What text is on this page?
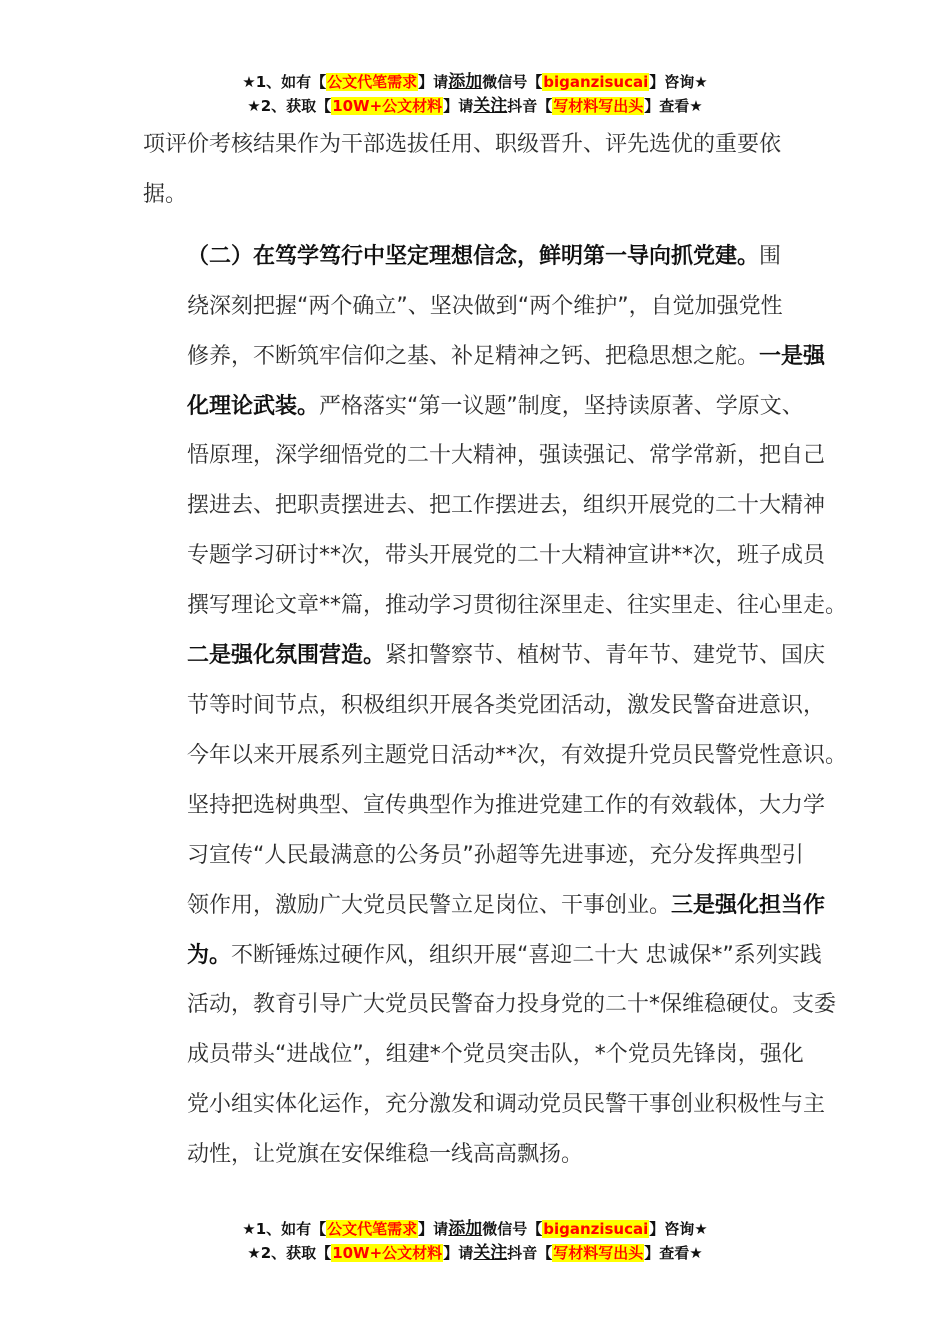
★1、如有【公文代笔需求】请添加微信号【biganzisucai】咨询★
★2、获取【10W+公文材料】请关注抖音【写材料写出头】查看★

项评价考核结果作为干部选拔任用、职级晋升、评先选优的重要依
据。

（二）在笃学笃行中坚定理想信念，鲜明第一导向抓党建。围
绕深刻把握“两个确立”、坚决做到“两个维护”，自觉加强党性
修养，不断筑牢信仰之基、补足精神之钙、把稳思想之舵。一是强
化理论武装。严格落实“第一议题”制度，坚持读原著、学原文、
悟原理，深学细悟党的二十大精神，强读强记、常学常新，把自己
摆进去、把职责摆进去、把工作摆进去，组织开展党的二十大精神
专题学习研讨**次，带头开展党的二十大精神宣讲**次，班子成员
撰写理论文章**篇，推动学习贯彻往深里走、往实里走、往心里走。
二是强化氛围营造。紧扣警察节、植树节、青年节、建党节、国庆
节等时间节点，积极组织开展各类党团活动，激发民警奋进意识，
今年以来开展系列主题党日活动**次，有效提升党员民警党性意识。
坚持把选树典型、宣传典型作为推进党建工作的有效载体，大力学
习宣传“人民最满意的公务员”孙超等先进事迹，充分发挥典型引
领作用，激励广大党员民警立足岗位、干事创业。三是强化担当作
为。不断锤炼过硬作风，组织开展“喜迎二十大 忠诚保*”系列实践
活动，教育引导广大党员民警奋力投身党的二十*保维稳硬仗。支委
成员带头“进战位”，组建*个党员突击队，*个党员先锋岗，强化
党小组实体化运作，充分激发和调动党员民警干事创业积极性与主
动性，让党旗在安保维稳一线高高飘扬。

★1、如有【公文代笔需求】请添加微信号【biganzisucai】咨询★
★2、获取【10W+公文材料】请关注抖音【写材料写出头】查看★
